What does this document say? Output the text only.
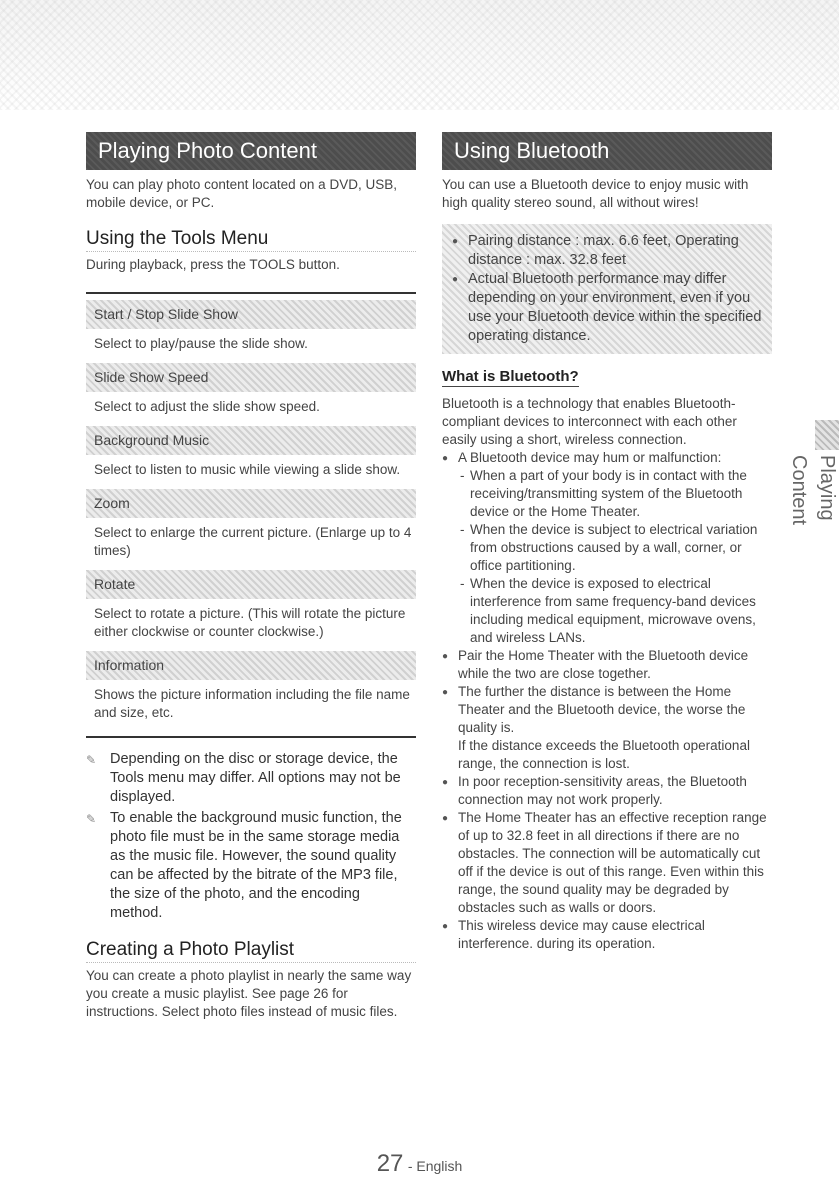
Playing Photo Content

You can play photo content located on a DVD, USB, mobile device, or PC.

Using the Tools Menu
During playback, press the TOOLS button.
Start / Stop Slide Show
Select to play/pause the slide show.
Slide Show Speed
Select to adjust the slide show speed.
Background Music
Select to listen to music while viewing a slide show.
Zoom
Select to enlarge the current picture. (Enlarge up to 4 times)
Rotate
Select to rotate a picture. (This will rotate the picture either clockwise or counter clockwise.)
Information
Shows the picture information including the file name and size, etc.
✎ Depending on the disc or storage device, the Tools menu may differ. All options may not be displayed.
✎ To enable the background music function, the photo file must be in the same storage media as the music file. However, the sound quality can be affected by the bitrate of the MP3 file, the size of the photo, and the encoding method.
Creating a Photo Playlist
You can create a photo playlist in nearly the same way you create a music playlist. See page 26 for instructions. Select photo files instead of music files.
Using Bluetooth

You can use a Bluetooth device to enjoy music with high quality stereo sound, all without wires!

● Pairing distance : max. 6.6 feet, Operating distance : max. 32.8 feet
● Actual Bluetooth performance may differ depending on your environment, even if you use your Bluetooth device within the specified operating distance.
What is Bluetooth?
Bluetooth is a technology that enables Bluetooth-compliant devices to interconnect with each other easily using a short, wireless connection.
● A Bluetooth device may hum or malfunction:
- When a part of your body is in contact with the receiving/transmitting system of the Bluetooth device or the Home Theater.
- When the device is subject to electrical variation from obstructions caused by a wall, corner, or office partitioning.
- When the device is exposed to electrical interference from same frequency-band devices including medical equipment, microwave ovens, and wireless LANs.
● Pair the Home Theater with the Bluetooth device while the two are close together.
● The further the distance is between the Home Theater and the Bluetooth device, the worse the quality is.
If the distance exceeds the Bluetooth operational range, the connection is lost.
● In poor reception-sensitivity areas, the Bluetooth connection may not work properly.
● The Home Theater has an effective reception range of up to 32.8 feet in all directions if there are no obstacles. The connection will be automatically cut off if the device is out of this range. Even within this range, the sound quality may be degraded by obstacles such as walls or doors.
● This wireless device may cause electrical interference. during its operation.
Playing Content
27 - English
